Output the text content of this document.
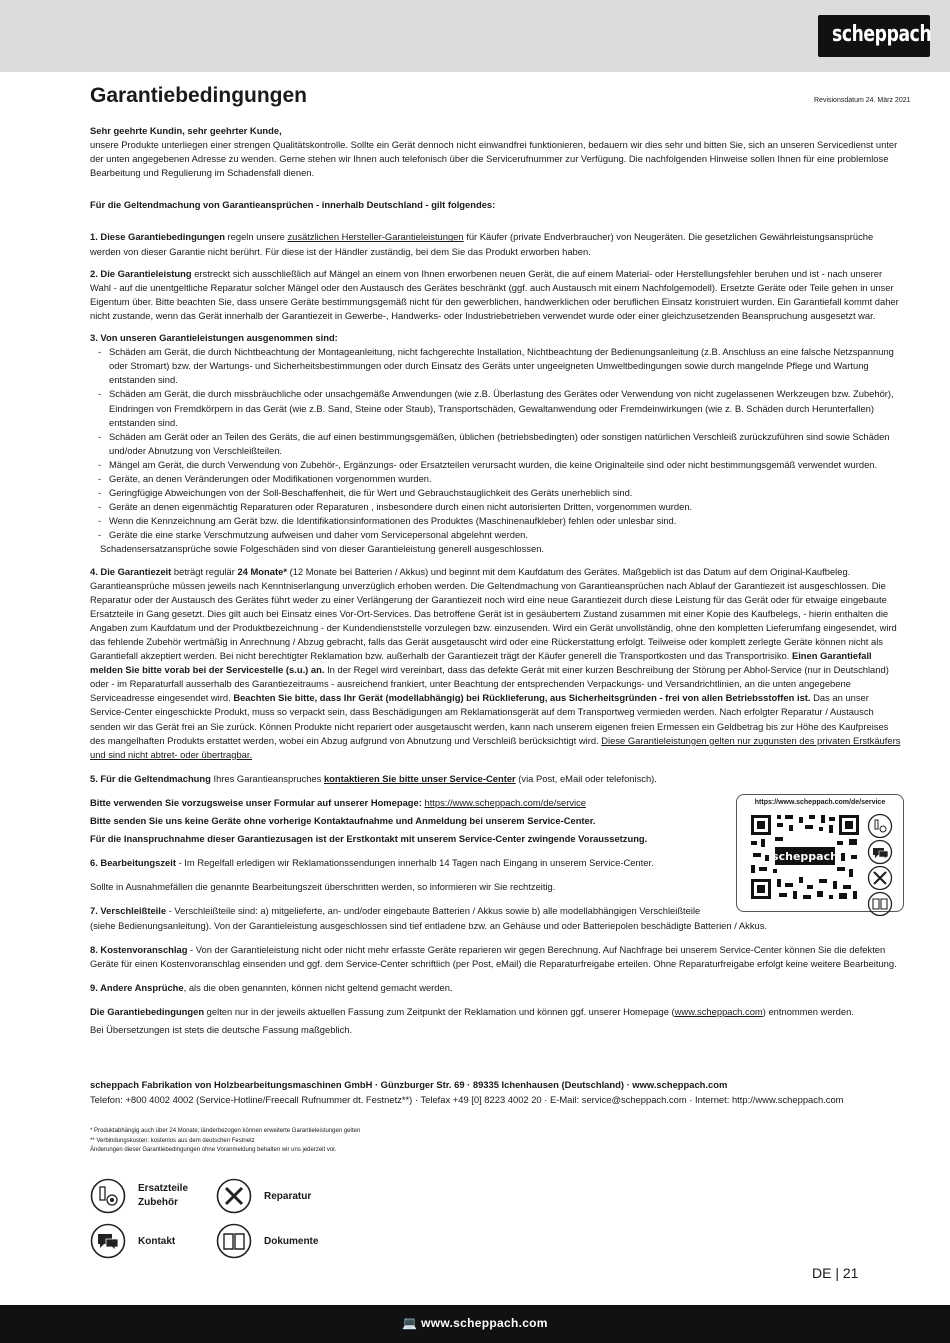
scheppach
Garantiebedingungen	Revisionsdatum 24. März 2021

Sehr geehrte Kundin, sehr geehrter Kunde,

unsere Produkte unterliegen einer strengen Qualitätskontrolle. Sollte ein Gerät dennoch nicht einwandfrei funktionieren, bedauern wir dies sehr und bitten Sie, sich an unseren Servicedienst unter der unten angegebenen Adresse zu wenden. Gerne stehen wir Ihnen auch telefonisch über die Servicerufnummer zur Verfügung. Die nachfolgenden Hinweise sollen Ihnen für eine problemlose Bearbeitung und Regulierung im Schadensfall dienen.

Für die Geltendmachung von Garantieansprüchen - innerhalb Deutschland - gilt folgendes:

1. Diese Garantiebedingungen regeln unsere zusätzlichen Hersteller-Garantieleistungen für Käufer (private Endverbraucher) von Neugeräten. Die gesetzlichen Gewährleistungsansprüche werden von dieser Garantie nicht berührt. Für diese ist der Händler zuständig, bei dem Sie das Produkt erworben haben.

2. Die Garantieleistung erstreckt sich ausschließlich auf Mängel an einem von Ihnen erworbenen neuen Gerät, die auf einem Material- oder Herstellungsfehler beruhen und ist - nach unserer Wahl - auf die unentgeltliche Reparatur solcher Mängel oder den Austausch des Gerätes beschränkt (ggf. auch Austausch mit einem Nachfolgemodell). Ersetzte Geräte oder Teile gehen in unser Eigentum über. Bitte beachten Sie, dass unsere Geräte bestimmungsgemäß nicht für den gewerblichen, handwerklichen oder beruflichen Einsatz konstruiert wurden. Ein Garantiefall kommt daher nicht zustande, wenn das Gerät innerhalb der Garantiezeit in Gewerbe-, Handwerks- oder Industriebetrieben verwendet wurde oder einer gleichzusetzenden Beanspruchung ausgesetzt war.

3. Von unseren Garantieleistungen ausgenommen sind:

- Schäden am Gerät, die durch Nichtbeachtung der Montageanleitung, nicht fachgerechte Installation, Nichtbeachtung der Bedienungsanleitung (z.B. Anschluss an eine falsche Netzspannung oder Stromart) bzw. der Wartungs- und Sicherheitsbestimmungen oder durch Einsatz des Geräts unter ungeeigneten Umweltbedingungen sowie durch mangelnde Pflege und Wartung entstanden sind.

- Schäden am Gerät, die durch missbräuchliche oder unsachgemäße Anwendungen (wie z.B. Überlastung des Gerätes oder Verwendung von nicht zugelassenen Werkzeugen bzw. Zubehör), Eindringen von Fremdkörpern in das Gerät (wie z.B. Sand, Steine oder Staub), Transportschäden, Gewaltanwendung oder Fremdeinwirkungen (wie z. B. Schäden durch Herunterfallen) entstanden sind.

- Schäden am Gerät oder an Teilen des Geräts, die auf einen bestimmungsgemäßen, üblichen (betriebsbedingten) oder sonstigen natürlichen Verschleiß zurückzuführen sind sowie Schäden und/oder Abnutzung von Verschleißteilen.

- Mängel am Gerät, die durch Verwendung von Zubehör-, Ergänzungs- oder Ersatzteilen verursacht wurden, die keine Originalteile sind oder nicht bestimmungsgemäß verwendet wurden.

- Geräte, an denen Veränderungen oder Modifikationen vorgenommen wurden.

- Geringfügige Abweichungen von der Soll-Beschaffenheit, die für Wert und Gebrauchstauglichkeit des Geräts unerheblich sind.

- Geräte an denen eigenmächtig Reparaturen oder Reparaturen , insbesondere durch einen nicht autorisierten Dritten, vorgenommen wurden.

- Wenn die Kennzeichnung am Gerät bzw. die Identifikationsinformationen des Produktes (Maschinenaufkleber) fehlen oder unlesbar sind.

- Geräte die eine starke Verschmutzung aufweisen und daher vom Servicepersonal abgelehnt werden.

Schadensersatzansprüche sowie Folgeschäden sind von dieser Garantieleistung generell ausgeschlossen.

4. Die Garantiezeit beträgt regulär 24 Monate* (12 Monate bei Batterien / Akkus) und beginnt mit dem Kaufdatum des Gerätes. Maßgeblich ist das Datum auf dem Original-Kaufbeleg. Garantieansprüche müssen jeweils nach Kenntniserlangung unverzüglich erhoben werden. Die Geltendmachung von Garantieansprüchen nach Ablauf der Garantiezeit ist ausgeschlossen. Die Reparatur oder der Austausch des Gerätes führt weder zu einer Verlängerung der Garantiezeit noch wird eine neue Garantiezeit durch diese Leistung für das Gerät oder für etwaige eingebaute Ersatzteile in Gang gesetzt. Dies gilt auch bei Einsatz eines Vor-Ort-Services. Das betroffene Gerät ist in gesäubertem Zustand zusammen mit einer Kopie des Kaufbelegs, - hierin enthalten die Angaben zum Kaufdatum und der Produktbezeichnung - der Kundendienststelle vorzulegen bzw. einzusenden. Wird ein Gerät unvollständig, ohne den kompletten Lieferumfang eingesendet, wird das fehlende Zubehör wertmäßig in Anrechnung / Abzug gebracht, falls das Gerät ausgetauscht wird oder eine Rückerstattung erfolgt. Teilweise oder komplett zerlegte Geräte können nicht als Garantiefall akzeptiert werden. Bei nicht berechtigter Reklamation bzw. außerhalb der Garantiezeit trägt der Käufer generell die Transportkosten und das Transportrisiko. Einen Garantiefall melden Sie bitte vorab bei der Servicestelle (s.u.) an. In der Regel wird vereinbart, dass das defekte Gerät mit einer kurzen Beschreibung der Störung per Abhol-Service (nur in Deutschland) oder - im Reparaturfall ausserhalb des Garantiezeitraums - ausreichend frankiert, unter Beachtung der entsprechenden Verpackungs- und Versandrichtlinien, an die unten angegebene Serviceadresse eingesendet wird. Beachten Sie bitte, dass Ihr Gerät (modellabhängig) bei Rücklieferung, aus Sicherheitsgründen - frei von allen Betriebsstoffen ist. Das an unser Service-Center eingeschickte Produkt, muss so verpackt sein, dass Beschädigungen am Reklamationsgerät auf dem Transportweg vermieden werden. Nach erfolgter Reparatur / Austausch senden wir das Gerät frei an Sie zurück. Können Produkte nicht repariert oder ausgetauscht werden, kann nach unserem eigenen freien Ermessen ein Geldbetrag bis zur Höhe des Kaufpreises des mangelhaften Produkts erstattet werden, wobei ein Abzug aufgrund von Abnutzung und Verschleiß berücksichtigt wird. Diese Garantieleistungen gelten nur zugunsten des privaten Erstkäufers und sind nicht abtret- oder übertragbar.

5. Für die Geltendmachung Ihres Garantieanspruches kontaktieren Sie bitte unser Service-Center (via Post, eMail oder telefonisch).

Bitte verwenden Sie vorzugsweise unser Formular auf unserer Homepage: https://www.scheppach.com/de/service

Bitte senden Sie uns keine Geräte ohne vorherige Kontaktaufnahme und Anmeldung bei unserem Service-Center.

Für die Inanspruchnahme dieser Garantiezusagen ist der Erstkontakt mit unserem Service-Center zwingende Voraussetzung.

6. Bearbeitungszeit - Im Regelfall erledigen wir Reklamationssendungen innerhalb 14 Tagen nach Eingang in unserem Service-Center.

Sollte in Ausnahmefällen die genannte Bearbeitungszeit überschritten werden, so informieren wir Sie rechtzeitig.

7. Verschleißteile - Verschleißteile sind: a) mitgelieferte, an- und/oder eingebaute Batterien / Akkus sowie b) alle modellabhängigen Verschleißteile

(siehe Bedienungsanleitung). Von der Garantieleistung ausgeschlossen sind tief entladene bzw. an Gehäuse und oder Batteriepolen beschädigte Batterien / Akkus.

8. Kostenvoranschlag - Von der Garantieleistung nicht oder nicht mehr erfasste Geräte reparieren wir gegen Berechnung. Auf Nachfrage bei unserem Service-Center können Sie die defekten Geräte für einen Kostenvoranschlag einsenden und ggf. dem Service-Center schriftlich (per Post, eMail) die Reparaturfreigabe erteilen. Ohne Reparaturfreigabe erfolgt keine weitere Bearbeitung.

9. Andere Ansprüche, als die oben genannten, können nicht geltend gemacht werden.

Die Garantiebedingungen gelten nur in der jeweils aktuellen Fassung zum Zeitpunkt der Reklamation und können ggf. unserer Homepage (www.scheppach.com) entnommen werden.

Bei Übersetzungen ist stets die deutsche Fassung maßgeblich.

https://www.scheppach.com/de/service
scheppach
scheppach Fabrikation von Holzbearbeitungsmaschinen GmbH · Günzburger Str. 69 · 89335 Ichenhausen (Deutschland) · www.scheppach.com
Telefon: +800 4002 4002 (Service-Hotline/Freecall Rufnummer dt. Festnetz**) · Telefax +49 [0] 8223 4002 20 · E-Mail: service@scheppach.com · Internet: http://www.scheppach.com
* Produktabhängig auch über 24 Monate; länderbezogen können erweiterte Garantieleistungen gelten
** Verbindungskosten: kostenlos aus dem deutschen Festnetz
Änderungen dieser Garantiebedingungen ohne Voranmeldung behalten wir uns jederzeit vor.
Ersatzteile
Zubehör
Reparatur
Kontakt	Dokumente
DE | 21
💻 www.scheppach.com
